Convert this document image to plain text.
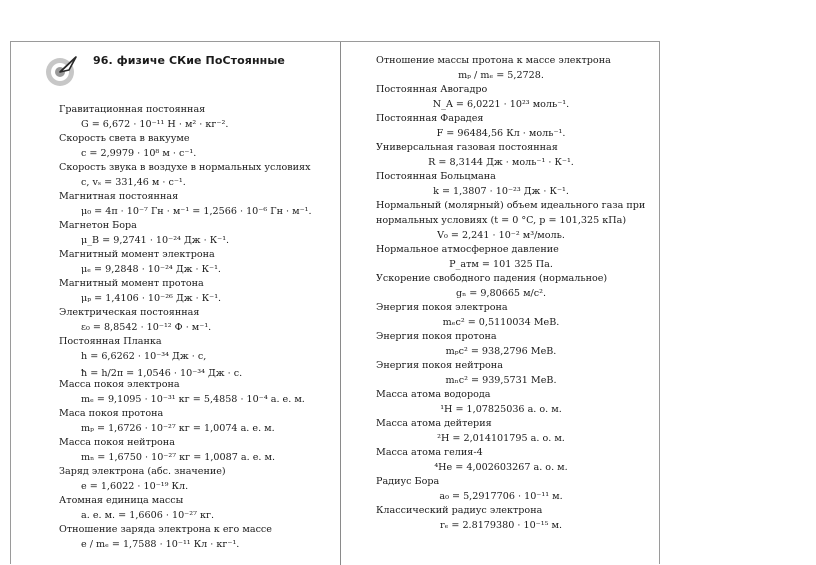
96. физиче СКие ПоСтоянные
Гравитационная постоянная
G = 6,672 · 10⁻¹¹ Н · м² · кг⁻².
Скорость света в вакууме
c = 2,9979 · 10⁸ м · с⁻¹.
Скорость звука в воздухе в нормальных условиях
c, vₛ = 331,46 м · с⁻¹.
Магнитная постоянная
μ₀ = 4π · 10⁻⁷ Гн · м⁻¹ = 1,2566 · 10⁻⁶ Гн · м⁻¹.
Магнетон Бора
μ_B = 9,2741 · 10⁻²⁴ Дж · К⁻¹.
Магнитный момент электрона
μₑ = 9,2848 · 10⁻²⁴ Дж · К⁻¹.
Магнитный момент протона
μₚ = 1,4106 · 10⁻²⁶ Дж · К⁻¹.
Электрическая постоянная
ε₀ = 8,8542 · 10⁻¹² Ф · м⁻¹.
Постоянная Планка
h = 6,6262 · 10⁻³⁴ Дж · с,
ħ = h/2π = 1,0546 · 10⁻³⁴ Дж · с.
Масса покоя электрона
mₑ = 9,1095 · 10⁻³¹ кг = 5,4858 · 10⁻⁴ а. е. м.
Маса покоя протона
mₚ = 1,6726 · 10⁻²⁷ кг = 1,0074 а. е. м.
Масса покоя нейтрона
mₙ = 1,6750 · 10⁻²⁷ кг = 1,0087 а. е. м.
Заряд электрона (абс. значение)
e = 1,6022 · 10⁻¹⁹ Кл.
Атомная единица массы
а. е. м. = 1,6606 · 10⁻²⁷ кг.
Отношение заряда электрона к его массе
e / mₑ = 1,7588 · 10⁻¹¹ Кл · кг⁻¹.
Отношение массы протона к массе электрона
mₚ / mₑ = 5,2728.
Постоянная Авогадро
N_A = 6,0221 · 10²³ моль⁻¹.
Постоянная Фарадея
F = 96484,56 Кл · моль⁻¹.
Универсальная газовая постоянная
R = 8,3144 Дж · моль⁻¹ · К⁻¹.
Постоянная Больцмана
k = 1,3807 · 10⁻²³ Дж · К⁻¹.
Нормальный (молярный) объем идеального газа при
нормальных условиях (t = 0 °C, p = 101,325 кПа)
V₀ = 2,241 · 10⁻² м³/моль.
Нормальное атмосферное давление
P_атм = 101 325 Па.
Ускорение свободного падения (нормальное)
gₙ = 9,80665 м/с².
Энергия покоя электрона
mₑc² = 0,5110034 МеВ.
Энергия покоя протона
mₚc² = 938,2796 МеВ.
Энергия покоя нейтрона
mₙc² = 939,5731 МеВ.
Масса атома водорода
¹H = 1,07825036 а. о. м.
Масса атома дейтерия
²H = 2,014101795 а. о. м.
Масса атома гелия-4
⁴He = 4,002603267 а. о. м.
Радиус Бора
a₀ = 5,2917706 · 10⁻¹¹ м.
Классический радиус электрона
rₑ = 2.8179380 · 10⁻¹⁵ м.
